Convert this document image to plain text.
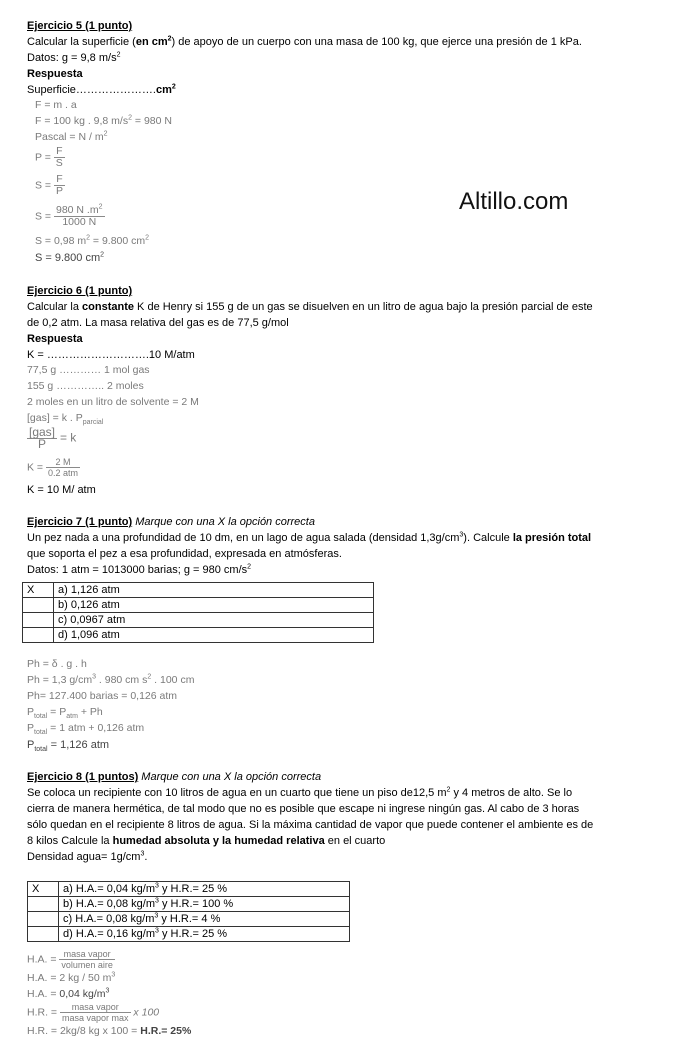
Altillo.com
Ejercicio 5 (1 punto)
Calcular la superficie (en $cm^2$) de apoyo de un cuerpo con una masa de 100 kg, que ejerce una presión de 1 kPa.
Datos: g = 9,8 $m/s^2$
Respuesta
$Superficie\dots\dots\dots\dots\dots\dots\dots.cm^2$
F = m . a
F = 100 kg . 9,8 $m/s^2 = 980$ N
Pascal = N / $m^2$
$P = \frac{F}{S}$
$S = \frac{F}{P}$
$S = \frac{980 N .m^2}{1000 N}$
S = 0,98 $m^2 = 9.800$ $cm^2$
S = 9.800 $cm^2$
Ejercicio 6 (1 punto)
Calcular la constante K de Henry si 155 g de un gas se disuelven en un litro de agua bajo la presión parcial de este
de 0,2 atm. La masa relativa del gas es de 77,5 g/mol
Respuesta
K = ……………………….10 M/atm
77,5 g ………… 1 mol gas
155 g ………….. 2 moles
2 moles en un litro de solvente = 2 M
[gas] = k . $P_{parcial}$
$\frac{\text{[gas]}}{P} = k$
$K = \frac{2 M}{\text{0.2 atm}}$
K = 10 M/ atm
Ejercicio 7 (1 punto) Marque con una X la opción correcta
Un pez nada a una profundidad de 10 dm, en un lago de agua salada (densidad $1,3g/cm^3$). Calcule la presión total
que soporta el pez a esa profundidad, expresada en atmósferas.
Datos: 1 atm = 1013000 barias; g = 980 $cm/s^2$
X	a) 1,126 atm
	b) 0,126 atm
	c) 0,0967 atm
	d) 1,096 atm
Ph = δ . g . h
Ph = 1,3 $g/cm^3$ . 980 cm $s^2$ . 100 cm
Ph= 127.400 barias = 0,126 atm
$P_{total} = P_{atm} + Ph$
$P_{total} = 1$ atm + 0,126 atm
$P_{total} = 1,126$ atm
Ejercicio 8 (1 puntos) Marque con una X la opción correcta
Se coloca un recipiente con 10 litros de agua en un cuarto que tiene un piso de12,5 $m^2$ y 4 metros de alto. Se lo
cierra de manera hermética, de tal modo que no es posible que escape ni ingrese ningún gas. Al cabo de 3 horas
sólo quedan en el recipiente 8 litros de agua. Si la máxima cantidad de vapor que puede contener el ambiente es de
8 kilos Calcule la humedad absoluta y la humedad relativa en el cuarto
Densidad agua= $1g/cm^3$.
X	a) H.A.= 0,04 $kg/m^3$ y H.R.= 25 %
	b) H.A.= 0,08 $kg/m^3$ y H.R.= 100 %
	c) H.A.= 0,08 $kg/m^3$ y H.R.= 4 %
	d) H.A.= 0,16 $kg/m^3$ y H.R.= 25 %
H.A. = $\frac{\text{masa vapor}}{\text{volumen aire}}$
H.A. = 2 kg / 50 $m^3$
H.A. = 0,04 $kg/m^3$
H.R. = $\frac{\text{masa vapor}}{\text{masa vapor max}}$ x 100
H.R. = 2kg/8 kg x 100 = H.R.= 25%
